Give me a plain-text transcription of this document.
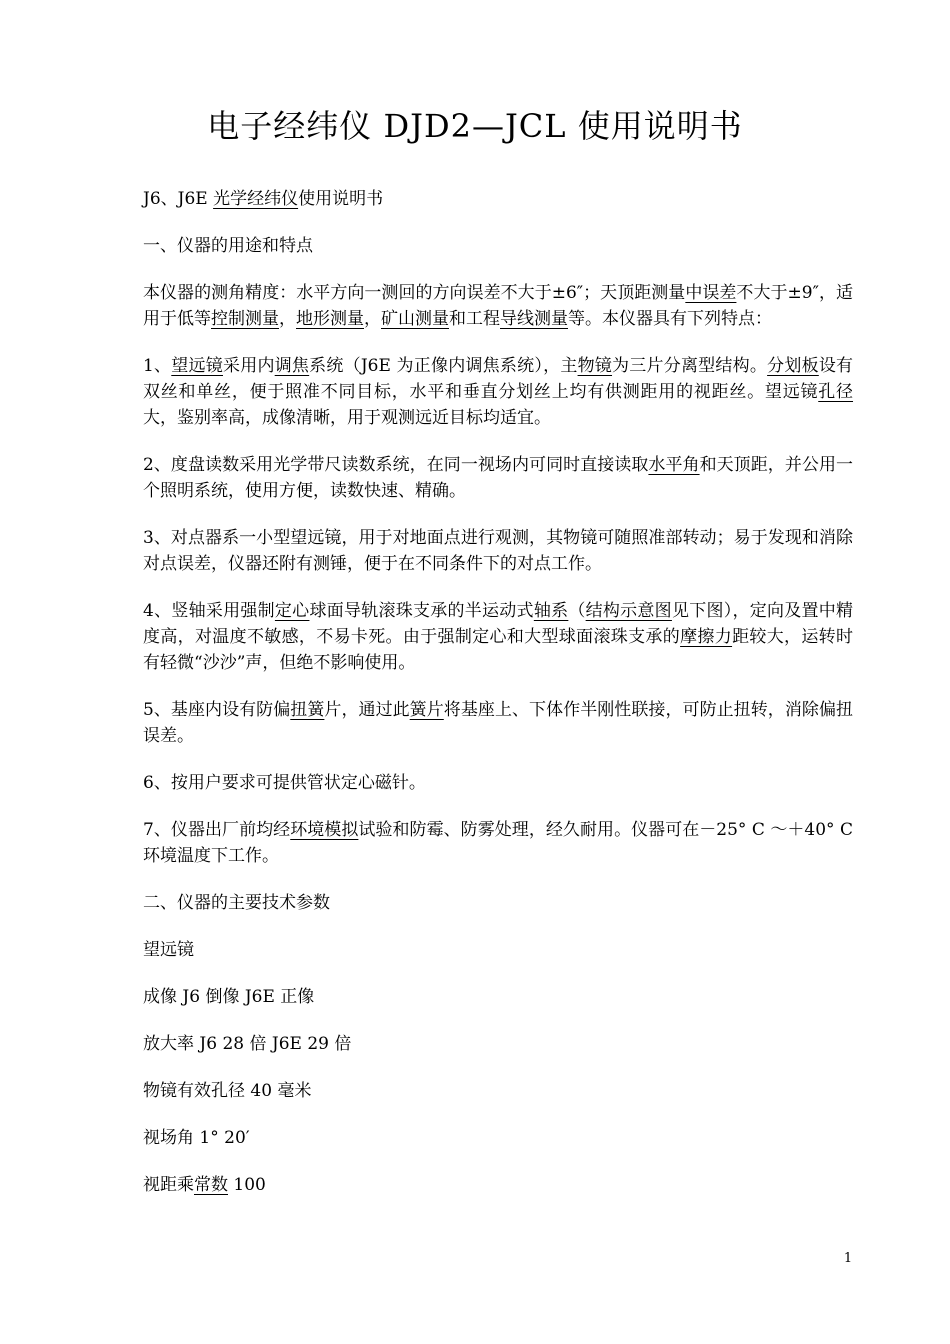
电子经纬仪 DJD2—JCL 使用说明书

J6、J6E 光学经纬仪使用说明书

一、仪器的用途和特点

本仪器的测角精度：水平方向一测回的方向误差不大于±6″；天顶距测量中误差不大于±9″，适用于低等控制测量，地形测量，矿山测量和工程导线测量等。本仪器具有下列特点：

1、望远镜采用内调焦系统（J6E 为正像内调焦系统），主物镜为三片分离型结构。分划板设有双丝和单丝，便于照准不同目标，水平和垂直分划丝上均有供测距用的视距丝。望远镜孔径大，鉴别率高，成像清晰，用于观测远近目标均适宜。

2、度盘读数采用光学带尺读数系统，在同一视场内可同时直接读取水平角和天顶距，并公用一个照明系统，使用方便，读数快速、精确。

3、对点器系一小型望远镜，用于对地面点进行观测，其物镜可随照准部转动；易于发现和消除对点误差，仪器还附有测锤，便于在不同条件下的对点工作。

4、竖轴采用强制定心球面导轨滚珠支承的半运动式轴系（结构示意图见下图），定向及置中精度高，对温度不敏感，不易卡死。由于强制定心和大型球面滚珠支承的摩擦力距较大，运转时有轻微“沙沙”声，但绝不影响使用。

5、基座内设有防偏扭簧片，通过此簧片将基座上、下体作半刚性联接，可防止扭转，消除偏扭误差。

6、按用户要求可提供管状定心磁针。

7、仪器出厂前均经环境模拟试验和防霉、防雾处理，经久耐用。仪器可在－25° C ～＋40° C 环境温度下工作。

二、仪器的主要技术参数

望远镜

成像 J6 倒像 J6E 正像

放大率 J6 28 倍 J6E 29 倍

物镜有效孔径 40 毫米

视场角 1° 20′

视距乘常数 100

1
